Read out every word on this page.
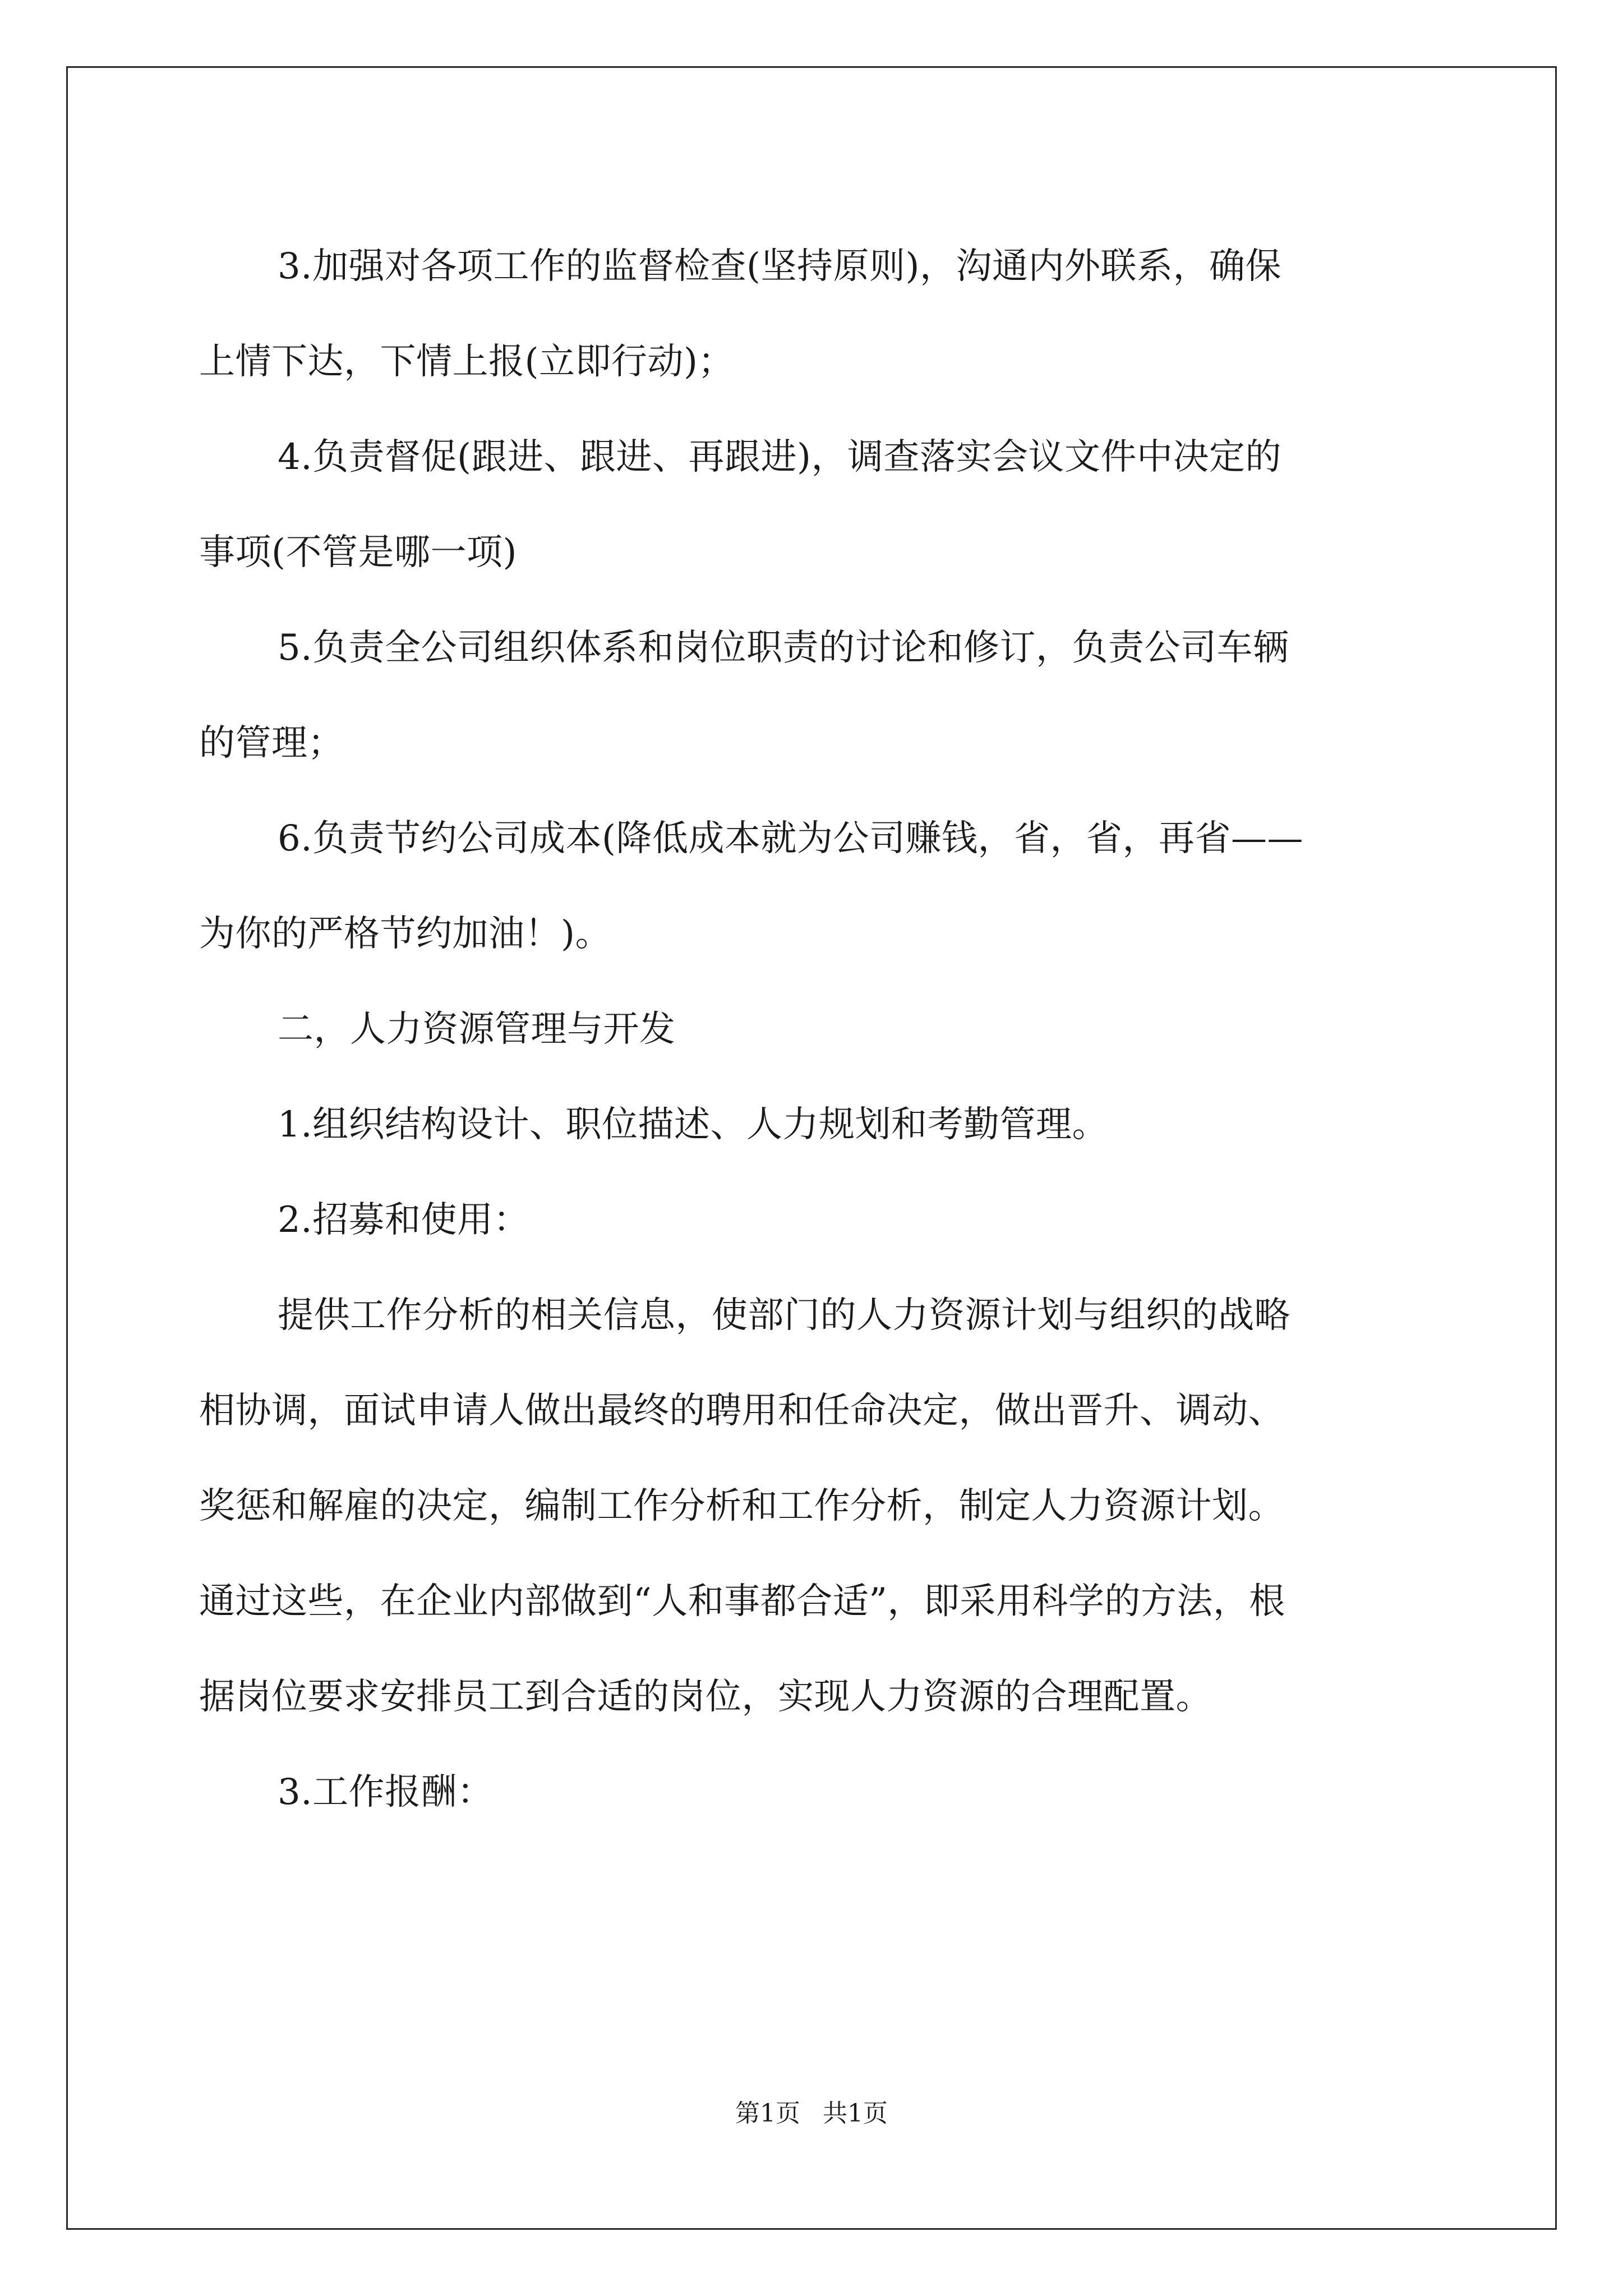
3.加强对各项工作的监督检查(坚持原则)，沟通内外联系，确保

上情下达，下情上报(立即行动)；

4.负责督促(跟进、跟进、再跟进)，调查落实会议文件中决定的

事项(不管是哪一项)

5.负责全公司组织体系和岗位职责的讨论和修订，负责公司车辆

的管理；

6.负责节约公司成本(降低成本就为公司赚钱，省，省，再省——

为你的严格节约加油！)。

二，人力资源管理与开发

1.组织结构设计、职位描述、人力规划和考勤管理。

2.招募和使用：

提供工作分析的相关信息，使部门的人力资源计划与组织的战略

相协调，面试申请人做出最终的聘用和任命决定，做出晋升、调动、

奖惩和解雇的决定，编制工作分析和工作分析，制定人力资源计划。

通过这些，在企业内部做到“人和事都合适”，即采用科学的方法，根

据岗位要求安排员工到合适的岗位，实现人力资源的合理配置。

3.工作报酬：

第1页 共1页
